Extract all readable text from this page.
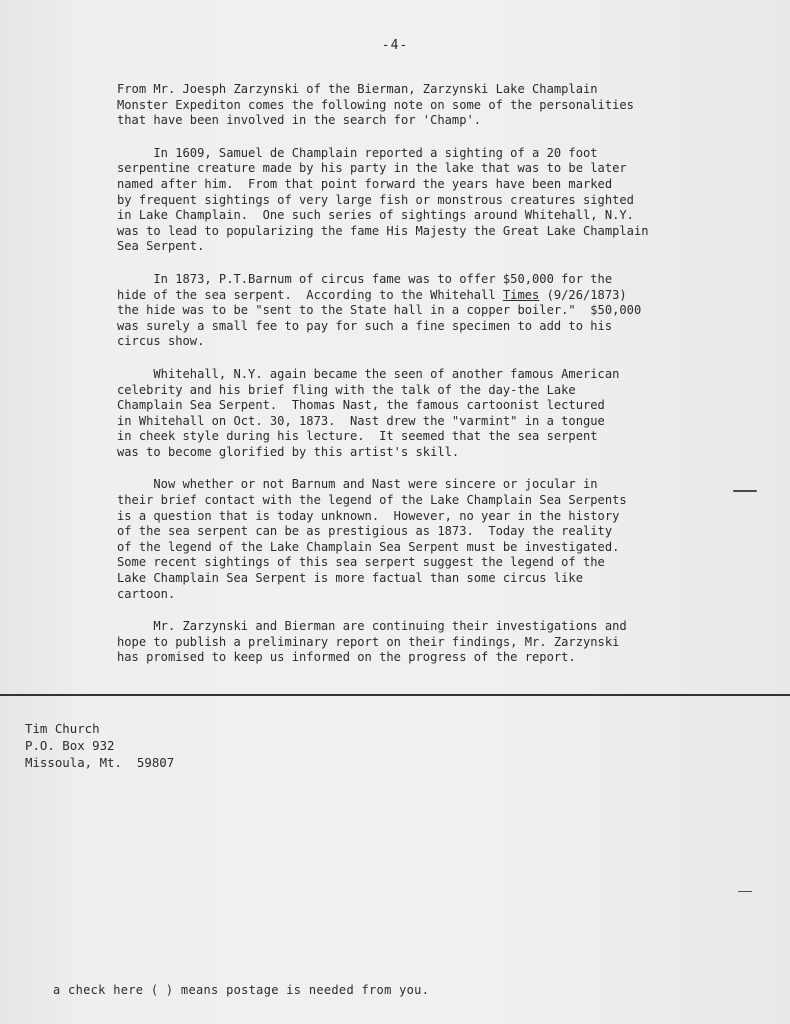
-4-

From Mr. Joesph Zarzynski of the Bierman, Zarzynski Lake Champlain
Monster Expediton comes the following note on some of the personalities
that have been involved in the search for 'Champ'.

In 1609, Samuel de Champlain reported a sighting of a 20 foot
serpentine creature made by his party in the lake that was to be later
named after him.  From that point forward the years have been marked
by frequent sightings of very large fish or monstrous creatures sighted
in Lake Champlain.  One such series of sightings around Whitehall, N.Y.
was to lead to popularizing the fame His Majesty the Great Lake Champlain
Sea Serpent.

In 1873, P.T.Barnum of circus fame was to offer $50,000 for the
hide of the sea serpent.  According to the Whitehall Times (9/26/1873)
the hide was to be "sent to the State hall in a copper boiler."  $50,000
was surely a small fee to pay for such a fine specimen to add to his
circus show.

Whitehall, N.Y. again became the seen of another famous American
celebrity and his brief fling with the talk of the day-the Lake
Champlain Sea Serpent.  Thomas Nast, the famous cartoonist lectured
in Whitehall on Oct. 30, 1873.  Nast drew the "varmint" in a tongue
in cheek style during his lecture.  It seemed that the sea serpent
was to become glorified by this artist's skill.

Now whether or not Barnum and Nast were sincere or jocular in
their brief contact with the legend of the Lake Champlain Sea Serpents
is a question that is today unknown.  However, no year in the history
of the sea serpent can be as prestigious as 1873.  Today the reality
of the legend of the Lake Champlain Sea Serpent must be investigated.
Some recent sightings of this sea serpert suggest the legend of the
Lake Champlain Sea Serpent is more factual than some circus like
cartoon.

Mr. Zarzynski and Bierman are continuing their investigations and
hope to publish a preliminary report on their findings, Mr. Zarzynski
has promised to keep us informed on the progress of the report.

Tim Church
P.O. Box 932
Missoula, Mt.  59807
a check here ( ) means postage is needed from you.
